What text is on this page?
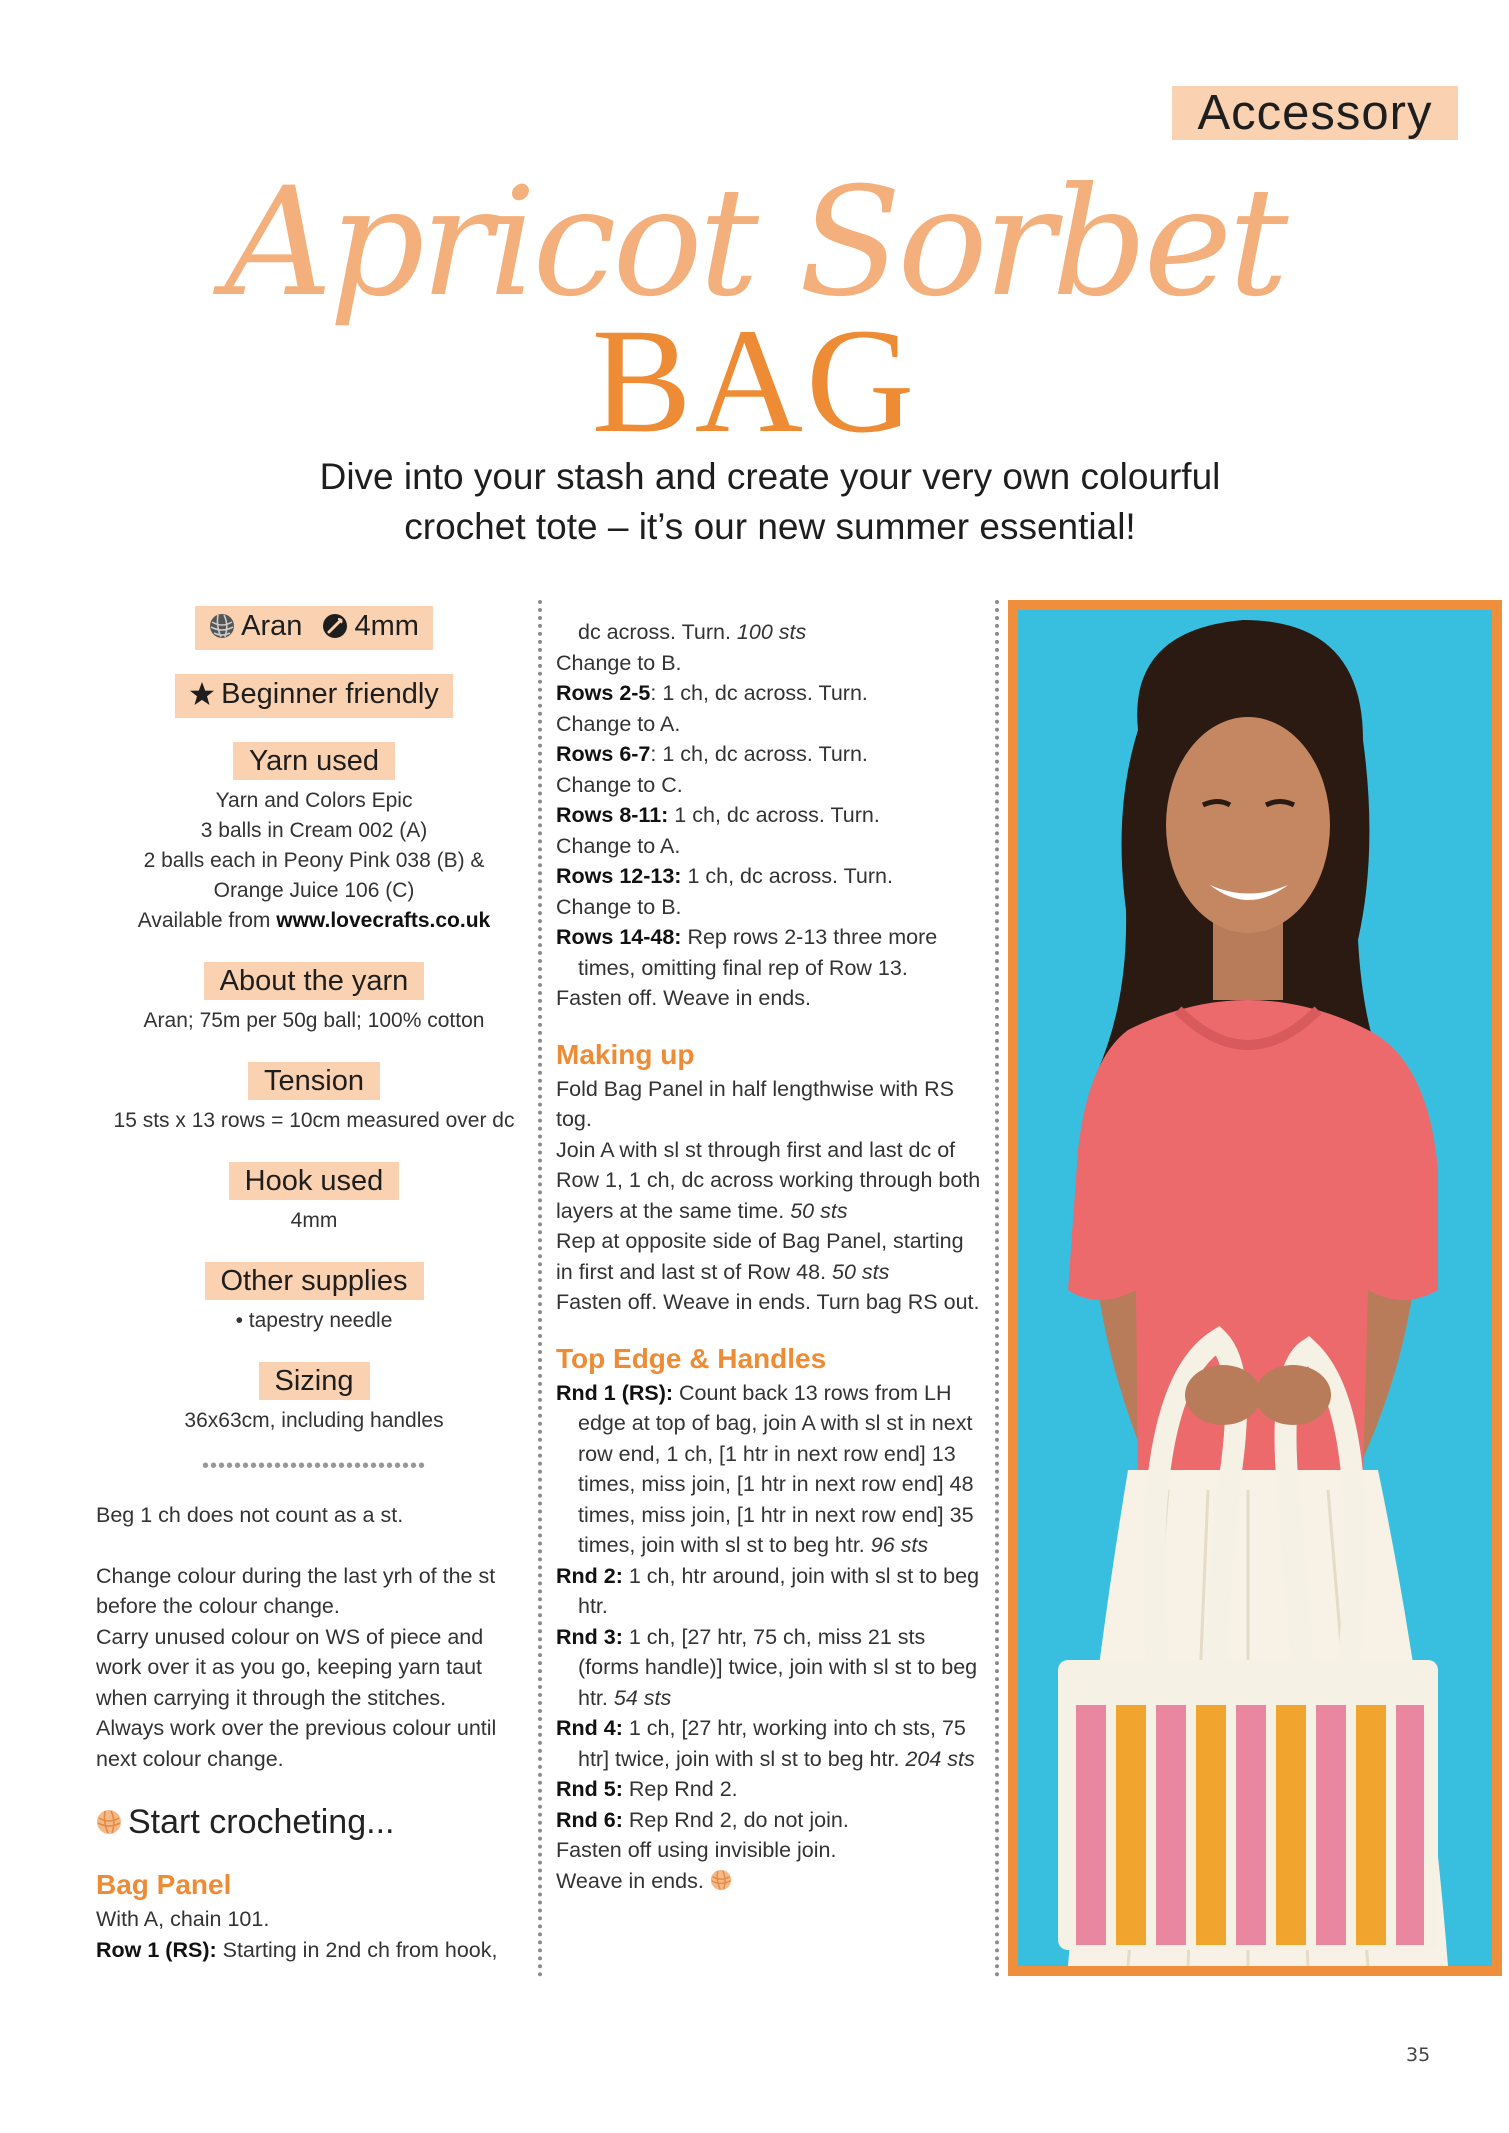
Accessory
Apricot Sorbet
BAG
Dive into your stash and create your very own colourful
crochet tote – it’s our new summer essential!
Aran 4mm
Beginner friendly
Yarn used
Yarn and Colors Epic
3 balls in Cream 002 (A)
2 balls each in Peony Pink 038 (B) &
Orange Juice 106 (C)
Available from www.lovecrafts.co.uk
About the yarn
Aran; 75m per 50g ball; 100% cotton
Tension
15 sts x 13 rows = 10cm measured over dc
Hook used
4mm
Other supplies
• tapestry needle
Sizing
36x63cm, including handles
••••••••••••••••••••••••••••

Beg 1 ch does not count as a st.

Change colour during the last yrh of the st before the colour change.

Carry unused colour on WS of piece and work over it as you go, keeping yarn taut when carrying it through the stitches.

Always work over the previous colour until next colour change.

Start crocheting...
Bag Panel
With A, chain 101.
Row 1 (RS): Starting in 2nd ch from hook,
dc across. Turn. 100 sts
Change to B.
Rows 2-5: 1 ch, dc across. Turn.
Change to A.
Rows 6-7: 1 ch, dc across. Turn.
Change to C.
Rows 8-11: 1 ch, dc across. Turn.
Change to A.
Rows 12-13: 1 ch, dc across. Turn.
Change to B.
Rows 14-48: Rep rows 2-13 three more times, omitting final rep of Row 13.
Fasten off. Weave in ends.
Making up
Fold Bag Panel in half lengthwise with RS tog.
Join A with sl st through first and last dc of Row 1, 1 ch, dc across working through both layers at the same time. 50 sts
Rep at opposite side of Bag Panel, starting in first and last st of Row 48. 50 sts
Fasten off. Weave in ends. Turn bag RS out.
Top Edge & Handles
Rnd 1 (RS): Count back 13 rows from LH edge at top of bag, join A with sl st in next row end, 1 ch, [1 htr in next row end] 13 times, miss join, [1 htr in next row end] 48 times, miss join, [1 htr in next row end] 35 times, join with sl st to beg htr. 96 sts
Rnd 2: 1 ch, htr around, join with sl st to beg htr.
Rnd 3: 1 ch, [27 htr, 75 ch, miss 21 sts (forms handle)] twice, join with sl st to beg htr. 54 sts
Rnd 4: 1 ch, [27 htr, working into ch sts, 75 htr] twice, join with sl st to beg htr. 204 sts
Rnd 5: Rep Rnd 2.
Rnd 6: Rep Rnd 2, do not join.
Fasten off using invisible join.
Weave in ends.
35
